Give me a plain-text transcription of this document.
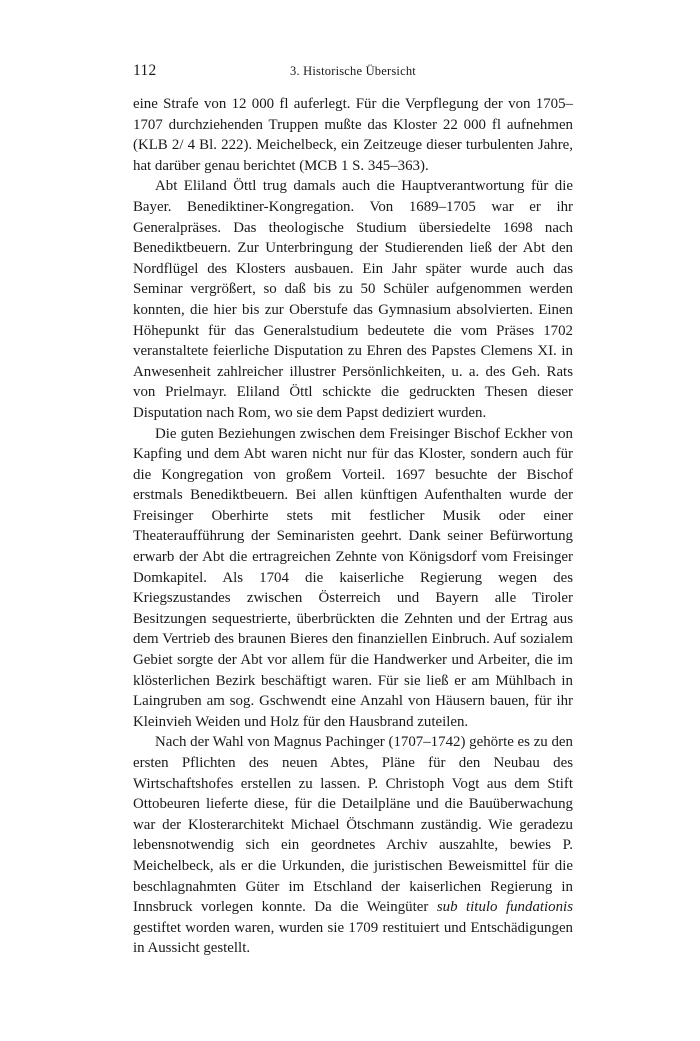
112	3. Historische Übersicht

eine Strafe von 12 000 fl auferlegt. Für die Verpflegung der von 1705–1707 durchziehenden Truppen mußte das Kloster 22 000 fl aufnehmen (KLB 2/ 4 Bl. 222). Meichelbeck, ein Zeitzeuge dieser turbulenten Jahre, hat darüber genau berichtet (MCB 1 S. 345–363).

Abt Eliland Öttl trug damals auch die Hauptverantwortung für die Bayer. Benediktiner-Kongregation. Von 1689–1705 war er ihr Generalpräses. Das theologische Studium übersiedelte 1698 nach Benediktbeuern. Zur Unterbringung der Studierenden ließ der Abt den Nordflügel des Klosters ausbauen. Ein Jahr später wurde auch das Seminar vergrößert, so daß bis zu 50 Schüler aufgenommen werden konnten, die hier bis zur Oberstufe das Gymnasium absolvierten. Einen Höhepunkt für das Generalstudium bedeutete die vom Präses 1702 veranstaltete feierliche Disputation zu Ehren des Papstes Clemens XI. in Anwesenheit zahlreicher illustrer Persönlichkeiten, u. a. des Geh. Rats von Prielmayr. Eliland Öttl schickte die gedruckten Thesen dieser Disputation nach Rom, wo sie dem Papst dediziert wurden.

Die guten Beziehungen zwischen dem Freisinger Bischof Eckher von Kapfing und dem Abt waren nicht nur für das Kloster, sondern auch für die Kongregation von großem Vorteil. 1697 besuchte der Bischof erstmals Benediktbeuern. Bei allen künftigen Aufenthalten wurde der Freisinger Oberhirte stets mit festlicher Musik oder einer Theateraufführung der Seminaristen geehrt. Dank seiner Befürwortung erwarb der Abt die ertragreichen Zehnte von Königsdorf vom Freisinger Domkapitel. Als 1704 die kaiserliche Regierung wegen des Kriegszustandes zwischen Österreich und Bayern alle Tiroler Besitzungen sequestrierte, überbrückten die Zehnten und der Ertrag aus dem Vertrieb des braunen Bieres den finanziellen Einbruch. Auf sozialem Gebiet sorgte der Abt vor allem für die Handwerker und Arbeiter, die im klösterlichen Bezirk beschäftigt waren. Für sie ließ er am Mühlbach in Laingruben am sog. Gschwendt eine Anzahl von Häusern bauen, für ihr Kleinvieh Weiden und Holz für den Hausbrand zuteilen.

Nach der Wahl von Magnus Pachinger (1707–1742) gehörte es zu den ersten Pflichten des neuen Abtes, Pläne für den Neubau des Wirtschaftshofes erstellen zu lassen. P. Christoph Vogt aus dem Stift Ottobeuren lieferte diese, für die Detailpläne und die Bauüberwachung war der Klosterarchitekt Michael Ötschmann zuständig. Wie geradezu lebensnotwendig sich ein geordnetes Archiv auszahlte, bewies P. Meichelbeck, als er die Urkunden, die juristischen Beweismittel für die beschlagnahmten Güter im Etschland der kaiserlichen Regierung in Innsbruck vorlegen konnte. Da die Weingüter sub titulo fundationis gestiftet worden waren, wurden sie 1709 restituiert und Entschädigungen in Aussicht gestellt.
